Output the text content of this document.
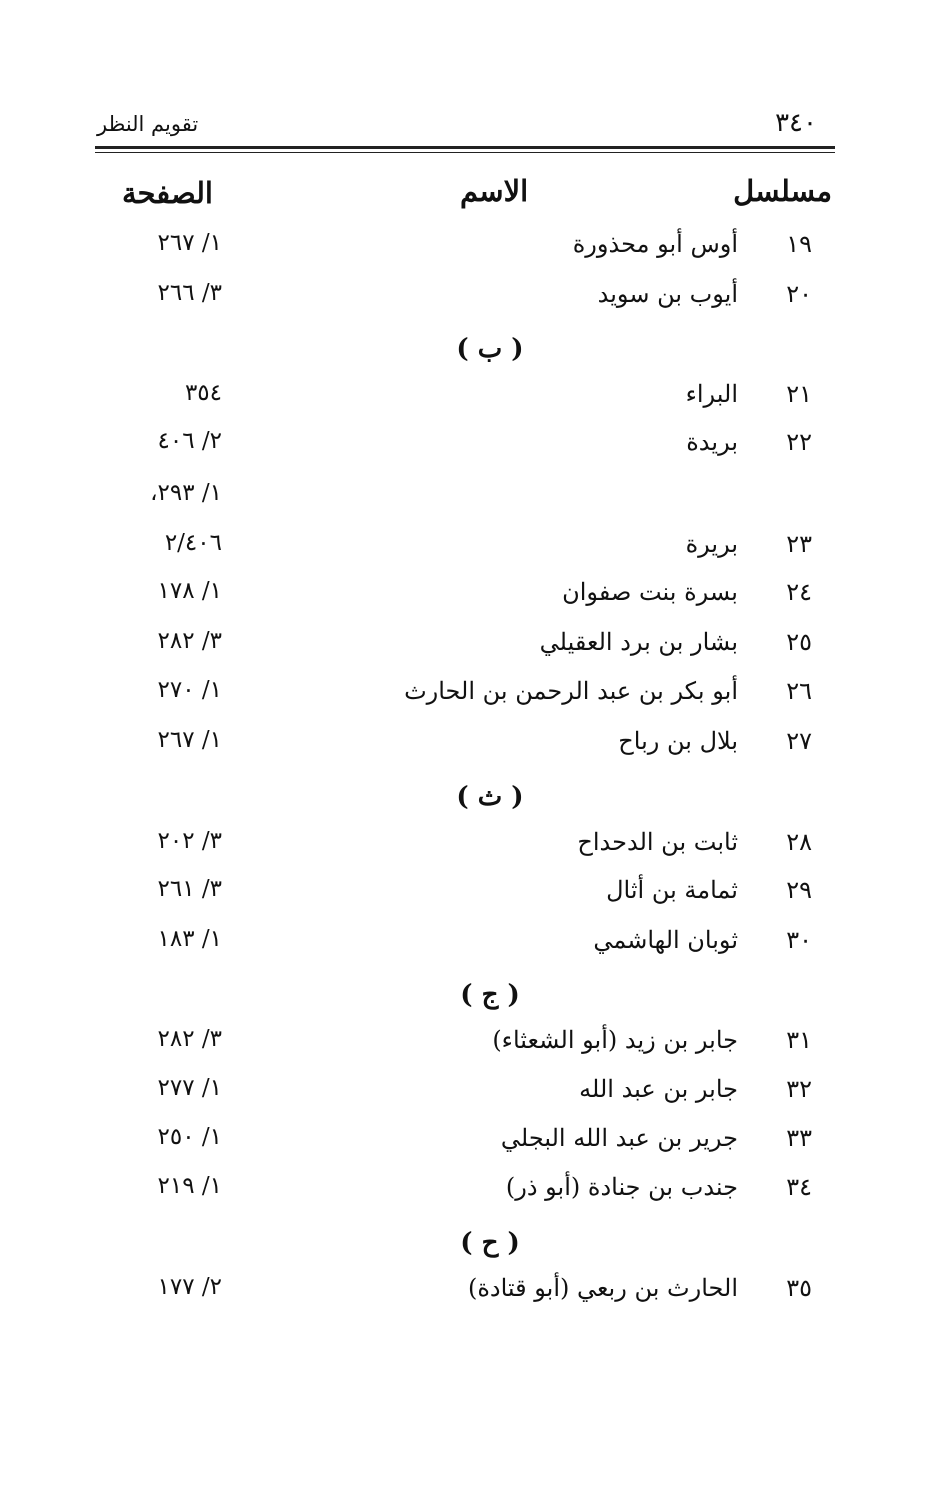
٣٤٠
تقويم النظر
مسلسل
الاسم
الصفحة
١٩
أوس أبو محذورة
١/ ٢٦٧
٢٠
أيوب بن سويد
٣/ ٢٦٦
( ب )
٢١
البراء
٣٥٤
٢٢
بريدة
٢/ ٤٠٦
١/ ٢٩٣،
٢٣
بريرة
٢/٤٠٦
٢٤
بسرة بنت صفوان
١/ ١٧٨
٢٥
بشار بن برد العقيلي
٣/ ٢٨٢
٢٦
أبو بكر بن عبد الرحمن بن الحارث
١/ ٢٧٠
٢٧
بلال بن رباح
١/ ٢٦٧
( ث )
٢٨
ثابت بن الدحداح
٣/ ٢٠٢
٢٩
ثمامة بن أثال
٣/ ٢٦١
٣٠
ثوبان الهاشمي
١/ ١٨٣
( ج )
٣١
جابر بن زيد (أبو الشعثاء)
٣/ ٢٨٢
٣٢
جابر بن عبد الله
١/ ٢٧٧
٣٣
جرير بن عبد الله البجلي
١/ ٢٥٠
٣٤
جندب بن جنادة (أبو ذر)
١/ ٢١٩
( ح )
٣٥
الحارث بن ربعي (أبو قتادة)
٢/ ١٧٧
